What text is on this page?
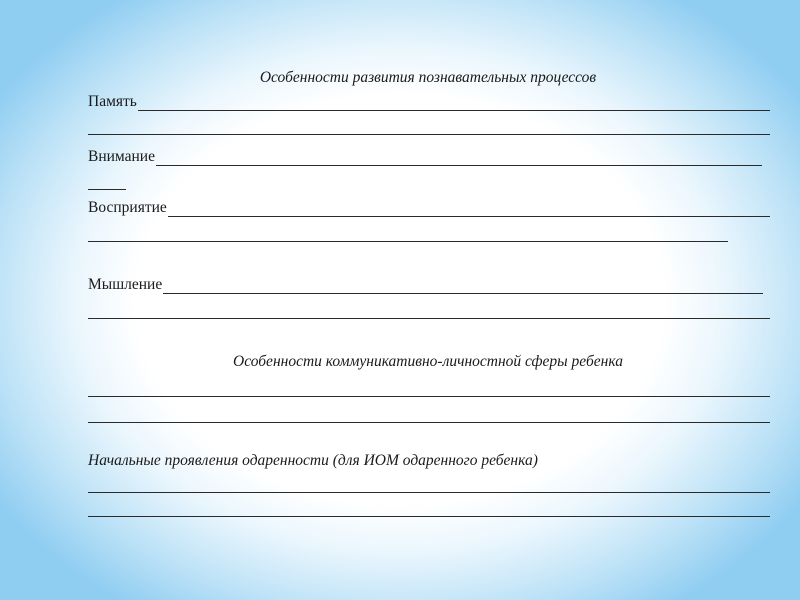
Особенности развития познавательных процессов
Память
Внимание
Восприятие
Мышление
Особенности коммуникативно-личностной сферы ребенка
Начальные проявления одаренности (для ИОМ одаренного ребенка)
